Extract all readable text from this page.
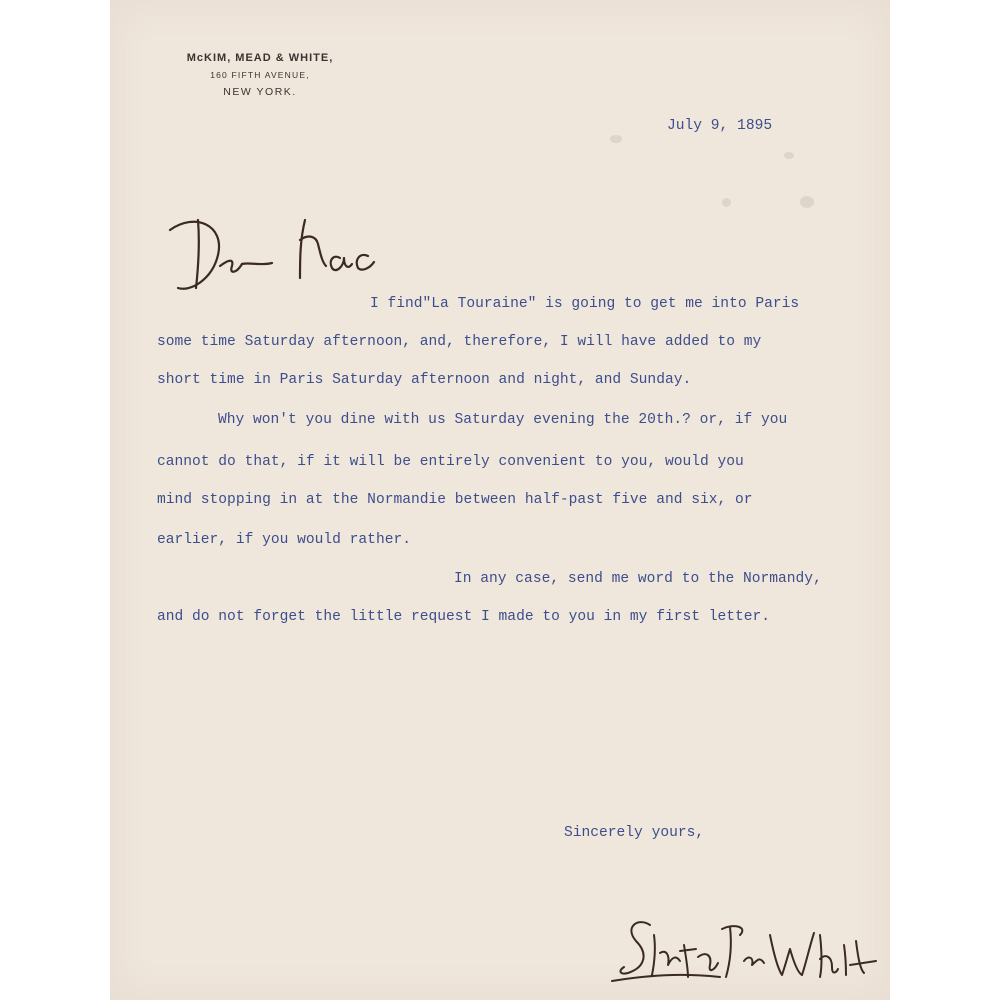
McKIM, MEAD & WHITE,
160 FIFTH AVENUE,
NEW YORK.
July 9, 1895
I find"La Touraine" is going to get me into Paris
some time Saturday afternoon, and, therefore, I will have added to my
short time in Paris Saturday afternoon and night, and Sunday.
Why won't you dine with us Saturday evening the 20th.? or, if you
cannot do that, if it will be entirely convenient to you, would you
mind stopping in at the Normandie between half-past five and six, or
earlier, if you would rather.
In any case, send me word to the Normandy,
and do not forget the little request I made to you in my first letter.
Sincerely yours,
